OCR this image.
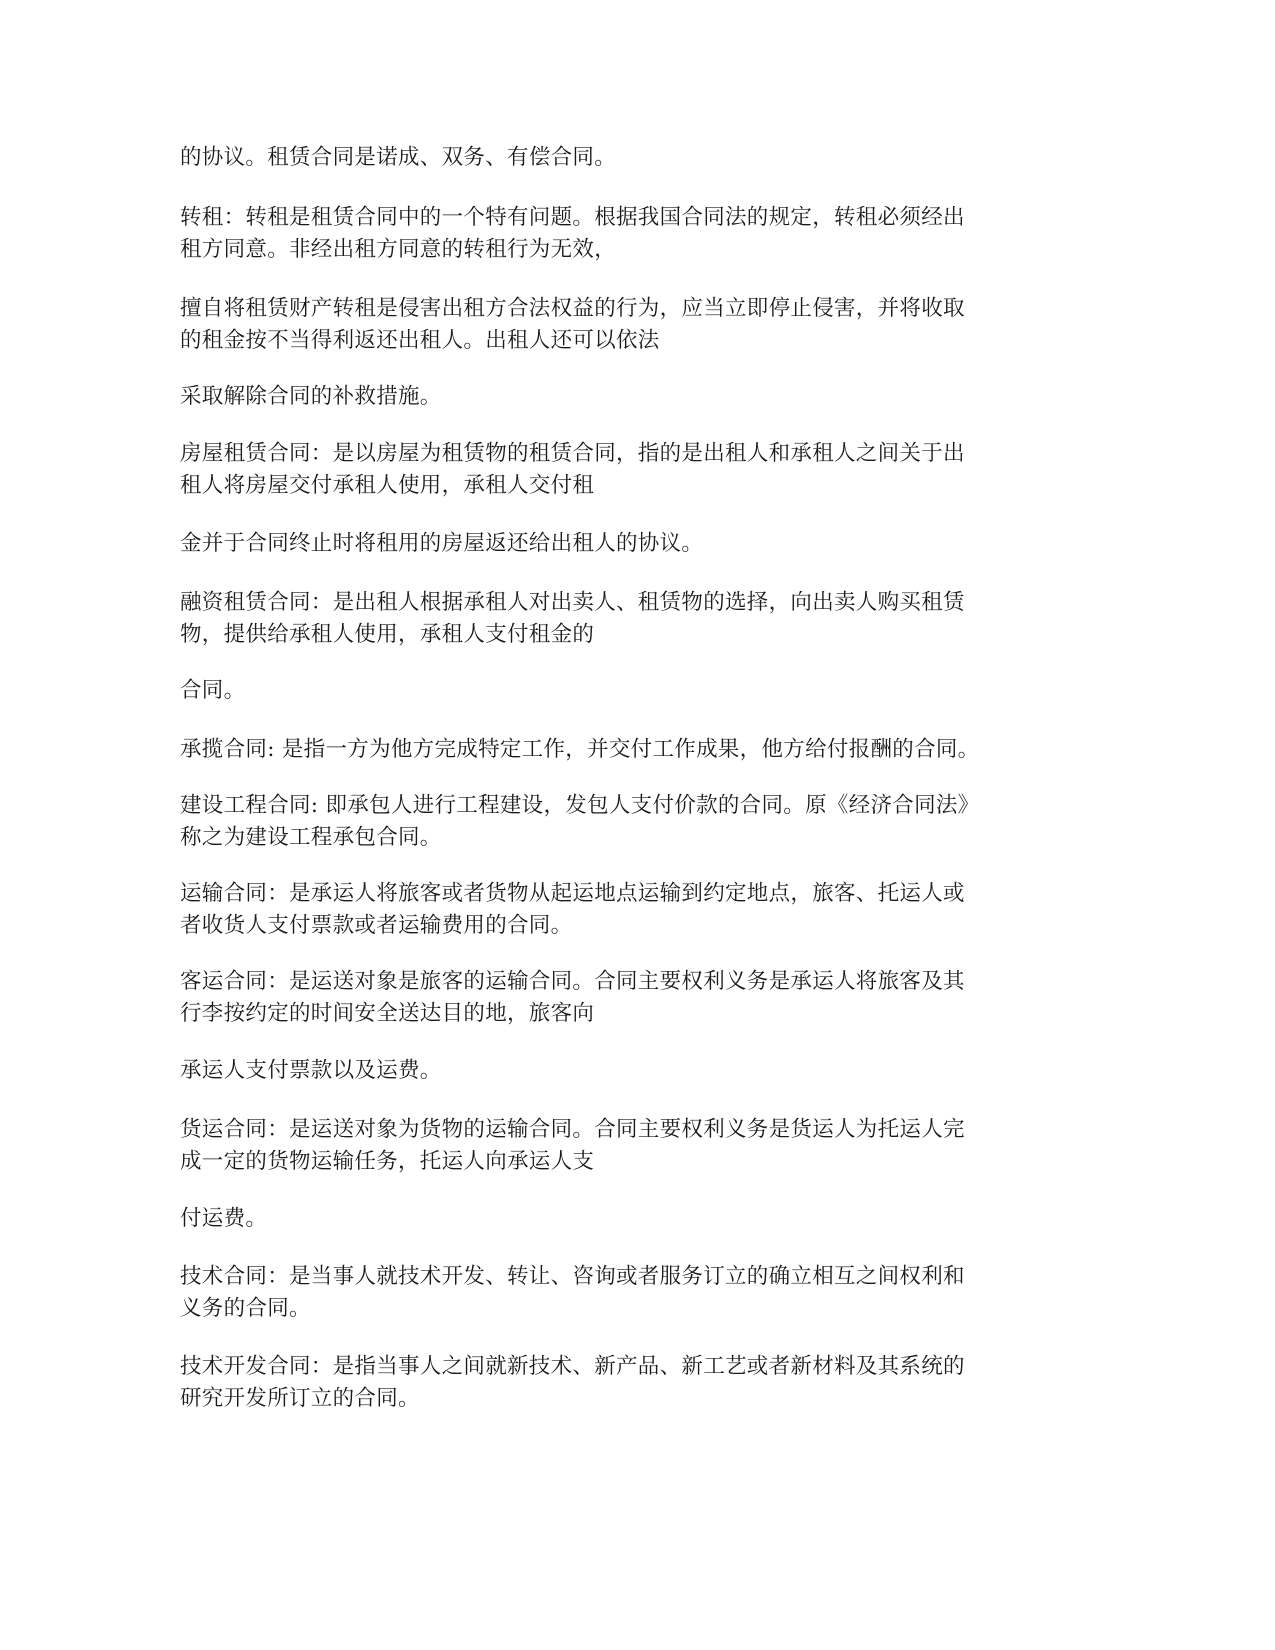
的协议。租赁合同是诺成、双务、有偿合同。

转租：转租是租赁合同中的一个特有问题。根据我国合同法的规定，转租必须经出
租方同意。非经出租方同意的转租行为无效，

擅自将租赁财产转租是侵害出租方合法权益的行为，应当立即停止侵害，并将收取
的租金按不当得利返还出租人。出租人还可以依法

采取解除合同的补救措施。

房屋租赁合同：是以房屋为租赁物的租赁合同，指的是出租人和承租人之间关于出
租人将房屋交付承租人使用，承租人交付租

金并于合同终止时将租用的房屋返还给出租人的协议。

融资租赁合同：是出租人根据承租人对出卖人、租赁物的选择，向出卖人购买租赁
物，提供给承租人使用，承租人支付租金的

合同。

承揽合同: 是指一方为他方完成特定工作，并交付工作成果，他方给付报酬的合同。

建设工程合同: 即承包人进行工程建设，发包人支付价款的合同。原《经济合同法》
称之为建设工程承包合同。

运输合同：是承运人将旅客或者货物从起运地点运输到约定地点，旅客、托运人或
者收货人支付票款或者运输费用的合同。

客运合同：是运送对象是旅客的运输合同。合同主要权利义务是承运人将旅客及其
行李按约定的时间安全送达目的地，旅客向

承运人支付票款以及运费。

货运合同：是运送对象为货物的运输合同。合同主要权利义务是货运人为托运人完
成一定的货物运输任务，托运人向承运人支

付运费。

技术合同：是当事人就技术开发、转让、咨询或者服务订立的确立相互之间权利和
义务的合同。

技术开发合同：是指当事人之间就新技术、新产品、新工艺或者新材料及其系统的
研究开发所订立的合同。
